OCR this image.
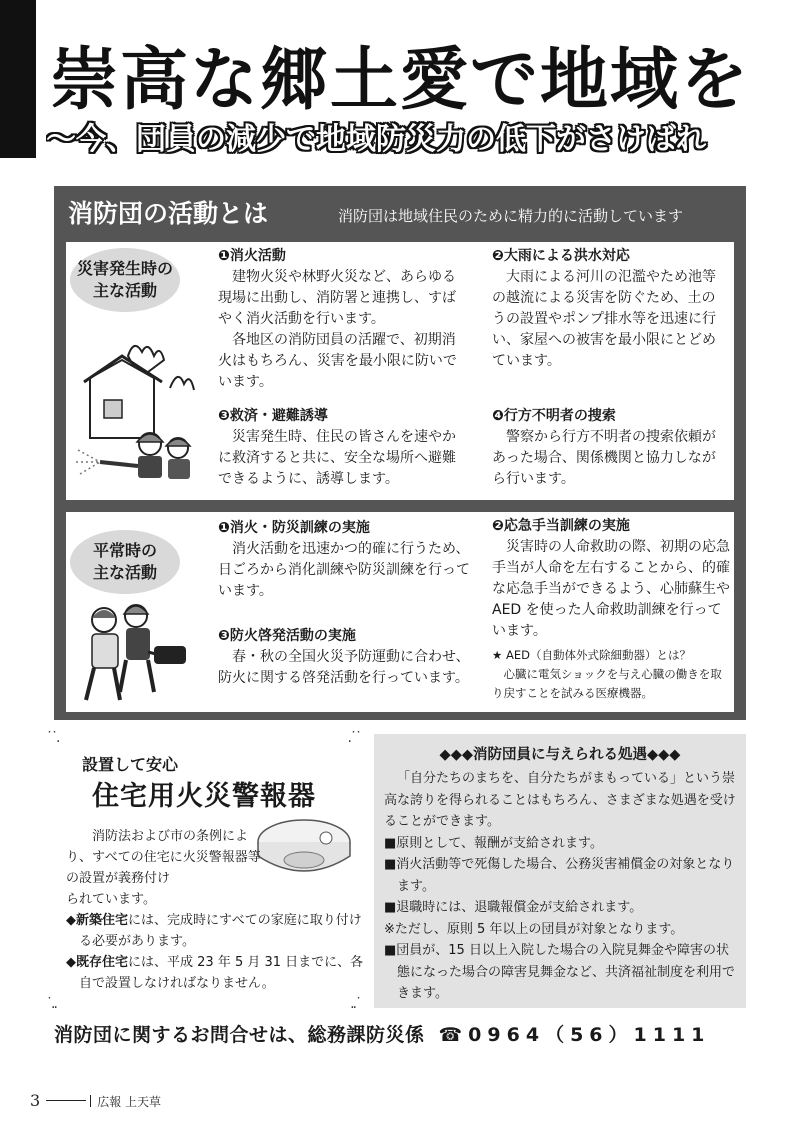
崇高な郷土愛で地域を
〜今、団員の減少で地域防災力の低下がさけばれ
消防団の活動とは	消防団は地域住民のために精力的に活動しています
災害発生時の
主な活動
❶消火活動
建物火災や林野火災など、あらゆる現場に出動し、消防署と連携し、すばやく消火活動を行います。
各地区の消防団員の活躍で、初期消火はもちろん、災害を最小限に防いでいます。
❷大雨による洪水対応
大雨による河川の氾濫やため池等の越流による災害を防ぐため、土のうの設置やポンプ排水等を迅速に行い、家屋への被害を最小限にとどめています。
❸救済・避難誘導
災害発生時、住民の皆さんを速やかに救済すると共に、安全な場所へ避難できるように、誘導します。
❹行方不明者の捜索
警察から行方不明者の捜索依頼があった場合、関係機関と協力しながら行います。
平常時の
主な活動
❶消火・防災訓練の実施
消火活動を迅速かつ的確に行うため、日ごろから消化訓練や防災訓練を行っています。
❷応急手当訓練の実施
災害時の人命救助の際、初期の応急手当が人命を左右することから、的確な応急手当ができるよう、心肺蘇生や AED を使った人命救助訓練を行っています。
❸防火啓発活動の実施
春・秋の全国火災予防運動に合わせ、防火に関する啓発活動を行っています。
★ AED（自動体外式除細動器）とは？
心臓に電気ショックを与え心臓の働きを取り戻すことを試みる医療機器。
˙˙.	.˙˙
˙..	..˙
設置して安心
住宅用火災警報器
消防法および市の条例により、すべての住宅に火災警報器等の設置が義務付け
られています。
◆新築住宅には、完成時にすべての家庭に取り付ける必要があります。
◆既存住宅には、平成 23 年 5 月 31 日までに、各自で設置しなければなりません。
◆◆◆消防団員に与えられる処遇◆◆◆
「自分たちのまちを、自分たちがまもっている」という崇高な誇りを得られることはもちろん、さまざまな処遇を受けることができます。
■原則として、報酬が支給されます。
■消火活動等で死傷した場合、公務災害補償金の対象となります。
■退職時には、退職報償金が支給されます。
※ただし、原則 5 年以上の団員が対象となります。
■団員が、15 日以上入院した場合の入院見舞金や障害の状態になった場合の障害見舞金など、共済福祉制度を利用できます。
消防団に関するお問合せは、総務課防災係 ☎0964（56）1111
3	広報 上天草
